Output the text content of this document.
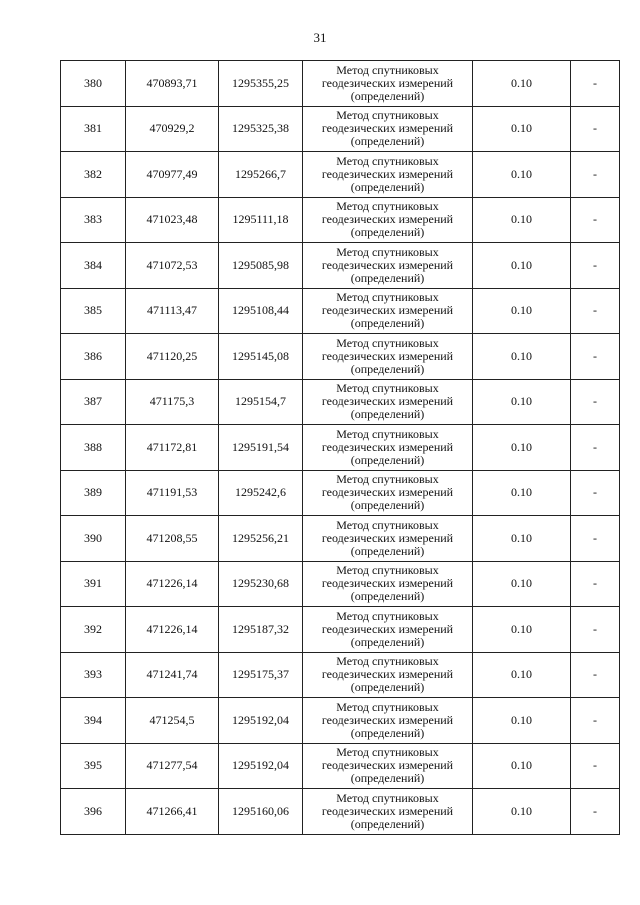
31
380	470893,71	1295355,25	Метод спутниковых
геодезических измерений
(определений)	0.10	-
381	470929,2	1295325,38	Метод спутниковых
геодезических измерений
(определений)	0.10	-
382	470977,49	1295266,7	Метод спутниковых
геодезических измерений
(определений)	0.10	-
383	471023,48	1295111,18	Метод спутниковых
геодезических измерений
(определений)	0.10	-
384	471072,53	1295085,98	Метод спутниковых
геодезических измерений
(определений)	0.10	-
385	471113,47	1295108,44	Метод спутниковых
геодезических измерений
(определений)	0.10	-
386	471120,25	1295145,08	Метод спутниковых
геодезических измерений
(определений)	0.10	-
387	471175,3	1295154,7	Метод спутниковых
геодезических измерений
(определений)	0.10	-
388	471172,81	1295191,54	Метод спутниковых
геодезических измерений
(определений)	0.10	-
389	471191,53	1295242,6	Метод спутниковых
геодезических измерений
(определений)	0.10	-
390	471208,55	1295256,21	Метод спутниковых
геодезических измерений
(определений)	0.10	-
391	471226,14	1295230,68	Метод спутниковых
геодезических измерений
(определений)	0.10	-
392	471226,14	1295187,32	Метод спутниковых
геодезических измерений
(определений)	0.10	-
393	471241,74	1295175,37	Метод спутниковых
геодезических измерений
(определений)	0.10	-
394	471254,5	1295192,04	Метод спутниковых
геодезических измерений
(определений)	0.10	-
395	471277,54	1295192,04	Метод спутниковых
геодезических измерений
(определений)	0.10	-
396	471266,41	1295160,06	Метод спутниковых
геодезических измерений
(определений)	0.10	-
